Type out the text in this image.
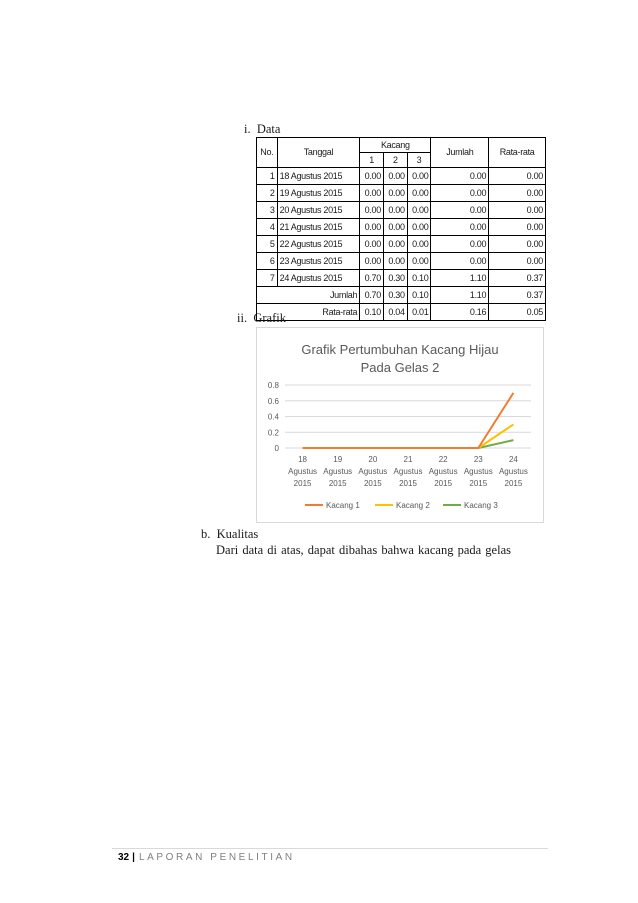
i. Data
No.	Tanggal	Kacang			Jumlah	Rata-rata
		1	2	3		
1	18 Agustus 2015	0.00	0.00	0.00	0.00	0.00
2	19 Agustus 2015	0.00	0.00	0.00	0.00	0.00
3	20 Agustus 2015	0.00	0.00	0.00	0.00	0.00
4	21 Agustus 2015	0.00	0.00	0.00	0.00	0.00
5	22 Agustus 2015	0.00	0.00	0.00	0.00	0.00
6	23 Agustus 2015	0.00	0.00	0.00	0.00	0.00
7	24 Agustus 2015	0.70	0.30	0.10	1.10	0.37
Jumlah		0.70	0.30	0.10	1.10	0.37
Rata-rata		0.10	0.04	0.01	0.16	0.05
ii. Grafik
Grafik Pertumbuhan Kacang Hijau
Pada Gelas 2
0
0.2
0.4
0.6
0.8
18
Agustus
2015
19
Agustus
2015
20
Agustus
2015
21
Agustus
2015
22
Agustus
2015
23
Agustus
2015
24
Agustus
2015
Kacang 1	Kacang 2	Kacang 3
b. Kualitas
Dari data di atas, dapat dibahas bahwa kacang pada gelas
32 | LAPORAN PENELITIAN
